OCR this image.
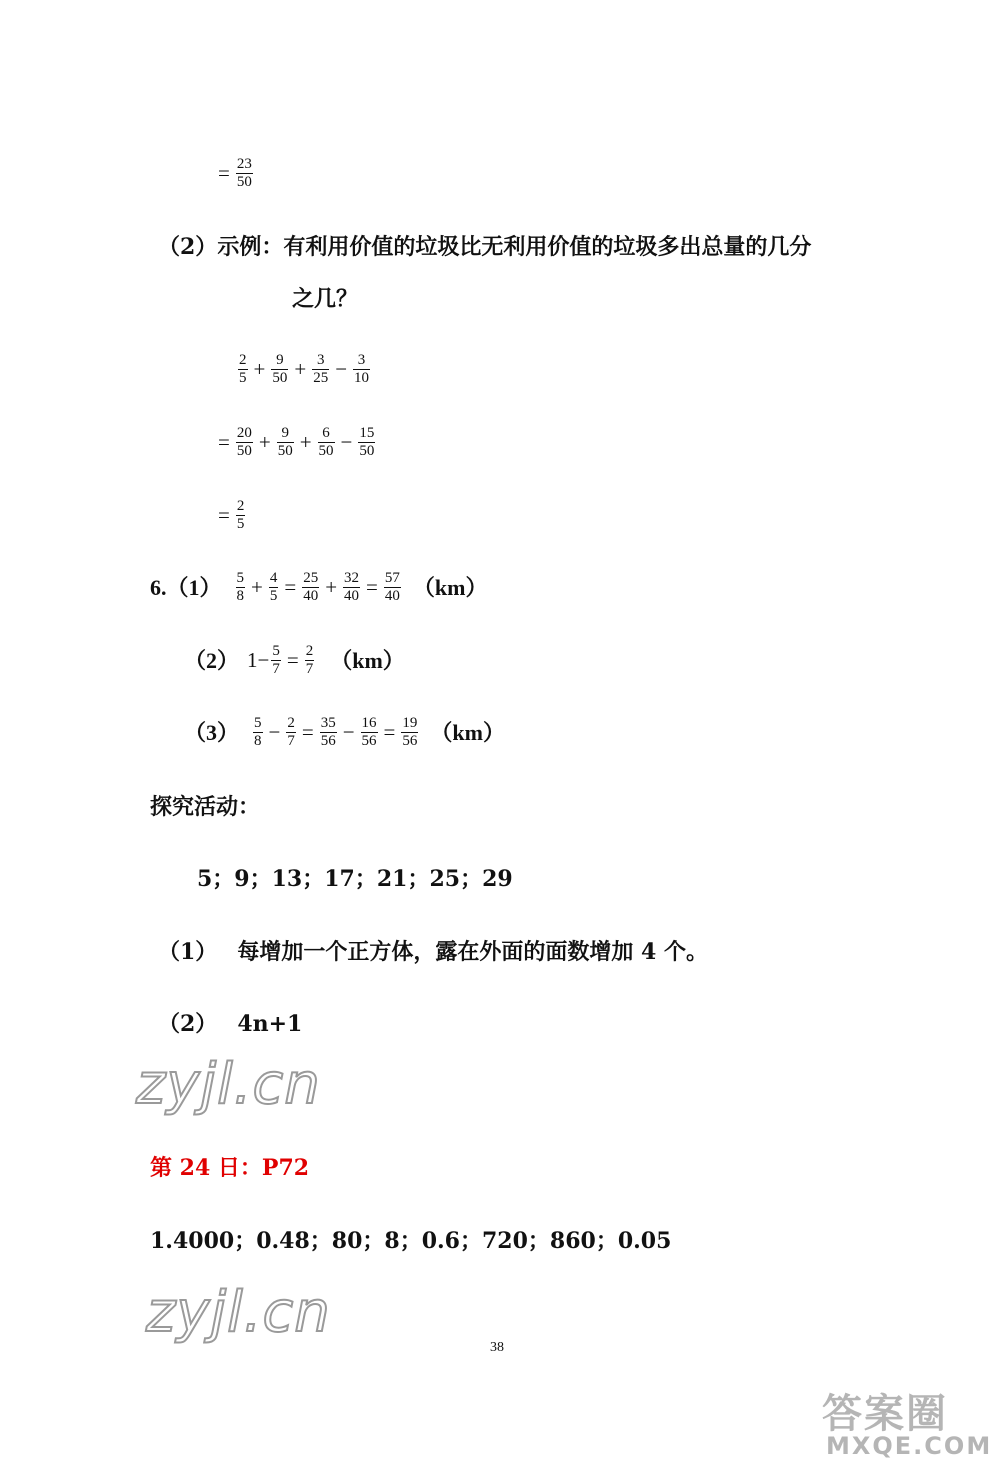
= $\frac{23}{50}$
（2）示例：有利用价值的垃圾比无利用价值的垃圾多出总量的几分
之几？
$\frac{2}{5} + \frac{9}{50} + \frac{3}{25} - \frac{3}{10}$
= $\frac{20}{50} + \frac{9}{50} + \frac{6}{50} - \frac{15}{50}$
= $\frac{2}{5}$
$6.(1) \frac{5}{8} + \frac{4}{5} = \frac{25}{40} + \frac{32}{40} = \frac{57}{40} (km)$
（2） $1- \frac{5}{7} = \frac{2}{7} (km)$
$(3) \frac{5}{8} - \frac{2}{7} = \frac{35}{56} - \frac{16}{56} = \frac{19}{56} (km)$
探究活动：
5；9；13；17；21；25；29
（1） 每增加一个正方体，露在外面的面数增加 4 个。
（2） 4n+1
zyjl.cn
第 24 日：P72
1.4000；0.48；80；8；0.6；720；860；0.05
zyjl.cn
38
答案圈
MXQE.COM
